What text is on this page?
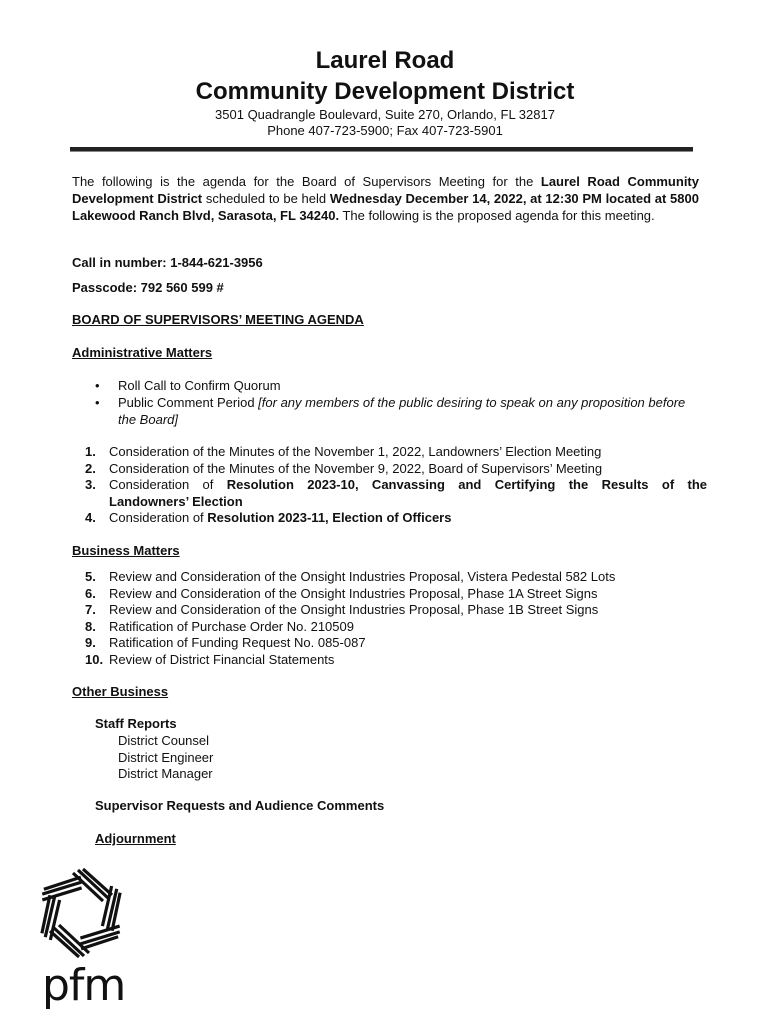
Laurel Road
Community Development District
3501 Quadrangle Boulevard, Suite 270, Orlando, FL 32817
Phone 407-723-5900; Fax 407-723-5901
The following is the agenda for the Board of Supervisors Meeting for the Laurel Road Community Development District scheduled to be held Wednesday December 14, 2022, at 12:30 PM located at 5800 Lakewood Ranch Blvd, Sarasota, FL 34240. The following is the proposed agenda for this meeting.
Call in number: 1-844-621-3956
Passcode: 792 560 599 #
BOARD OF SUPERVISORS’ MEETING AGENDA
Administrative Matters
• Roll Call to Confirm Quorum
• Public Comment Period [for any members of the public desiring to speak on any proposition before the Board]
1. Consideration of the Minutes of the November 1, 2022, Landowners’ Election Meeting
2. Consideration of the Minutes of the November 9, 2022, Board of Supervisors’ Meeting
3. Consideration of Resolution 2023-10, Canvassing and Certifying the Results of the
Landowners’ Election
4. Consideration of Resolution 2023-11, Election of Officers
Business Matters
5. Review and Consideration of the Onsight Industries Proposal, Vistera Pedestal 582 Lots
6. Review and Consideration of the Onsight Industries Proposal, Phase 1A Street Signs
7. Review and Consideration of the Onsight Industries Proposal, Phase 1B Street Signs
8. Ratification of Purchase Order No. 210509
9. Ratification of Funding Request No. 085-087
10. Review of District Financial Statements
Other Business
Staff Reports
District Counsel
District Engineer
District Manager
Supervisor Requests and Audience Comments
Adjournment
pfm
